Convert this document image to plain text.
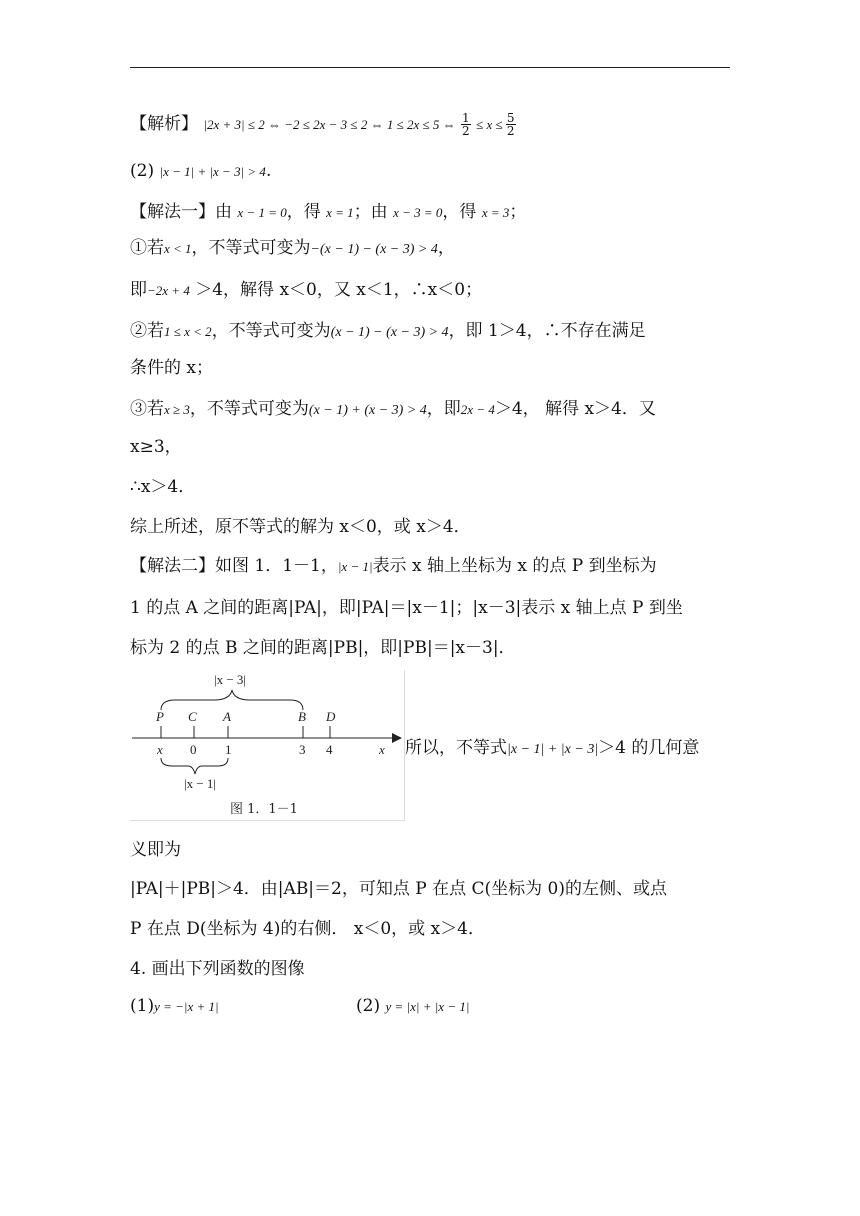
【解析】 |2x + 3| ≤ 2 ⇔ −2 ≤ 2x − 3 ≤ 2 ⇔ 1 ≤ 2x ≤ 5 ⇔ $\frac{1}{2} \le x \le \frac{5}{2}$
(2) |x − 1| + |x − 3| > 4.
【解法一】由 x − 1 = 0，得 x = 1；由 x − 3 = 0，得 x = 3；
①若x < 1，不等式可变为−(x − 1) − (x − 3) > 4，
即−2x + 4 ＞4，解得 x＜0，又 x＜1，∴x＜0；
②若1 ≤ x < 2，不等式可变为(x − 1) − (x − 3) > 4，即 1＞4，∴不存在满足
条件的 x；
③若x ≥ 3，不等式可变为(x − 1) + (x − 3) > 4，即2x − 4＞4， 解得 x＞4．又
x≥3，
∴x＞4．
综上所述，原不等式的解为 x＜0，或 x＞4．
【解法二】如图 1．1－1，|x − 1|表示 x 轴上坐标为 x 的点 P 到坐标为
1 的点 A 之间的距离|PA|，即|PA|＝|x－1|；|x－3|表示 x 轴上点 P 到坐
标为 2 的点 B 之间的距离|PB|，即|PB|＝|x－3|．
|x − 3|
P C A	B D
x 0 1	3 4	x
|x − 1|
图 1．1－1
所以，不等式|x − 1| + |x − 3|＞4 的几何意
义即为
|PA|＋|PB|＞4．由|AB|＝2，可知点 P 在点 C(坐标为 0)的左侧、或点
P 在点 D(坐标为 4)的右侧． x＜0，或 x＞4．
4. 画出下列函数的图像
(1)y = −|x + 1|	(2) y = |x| + |x − 1|
